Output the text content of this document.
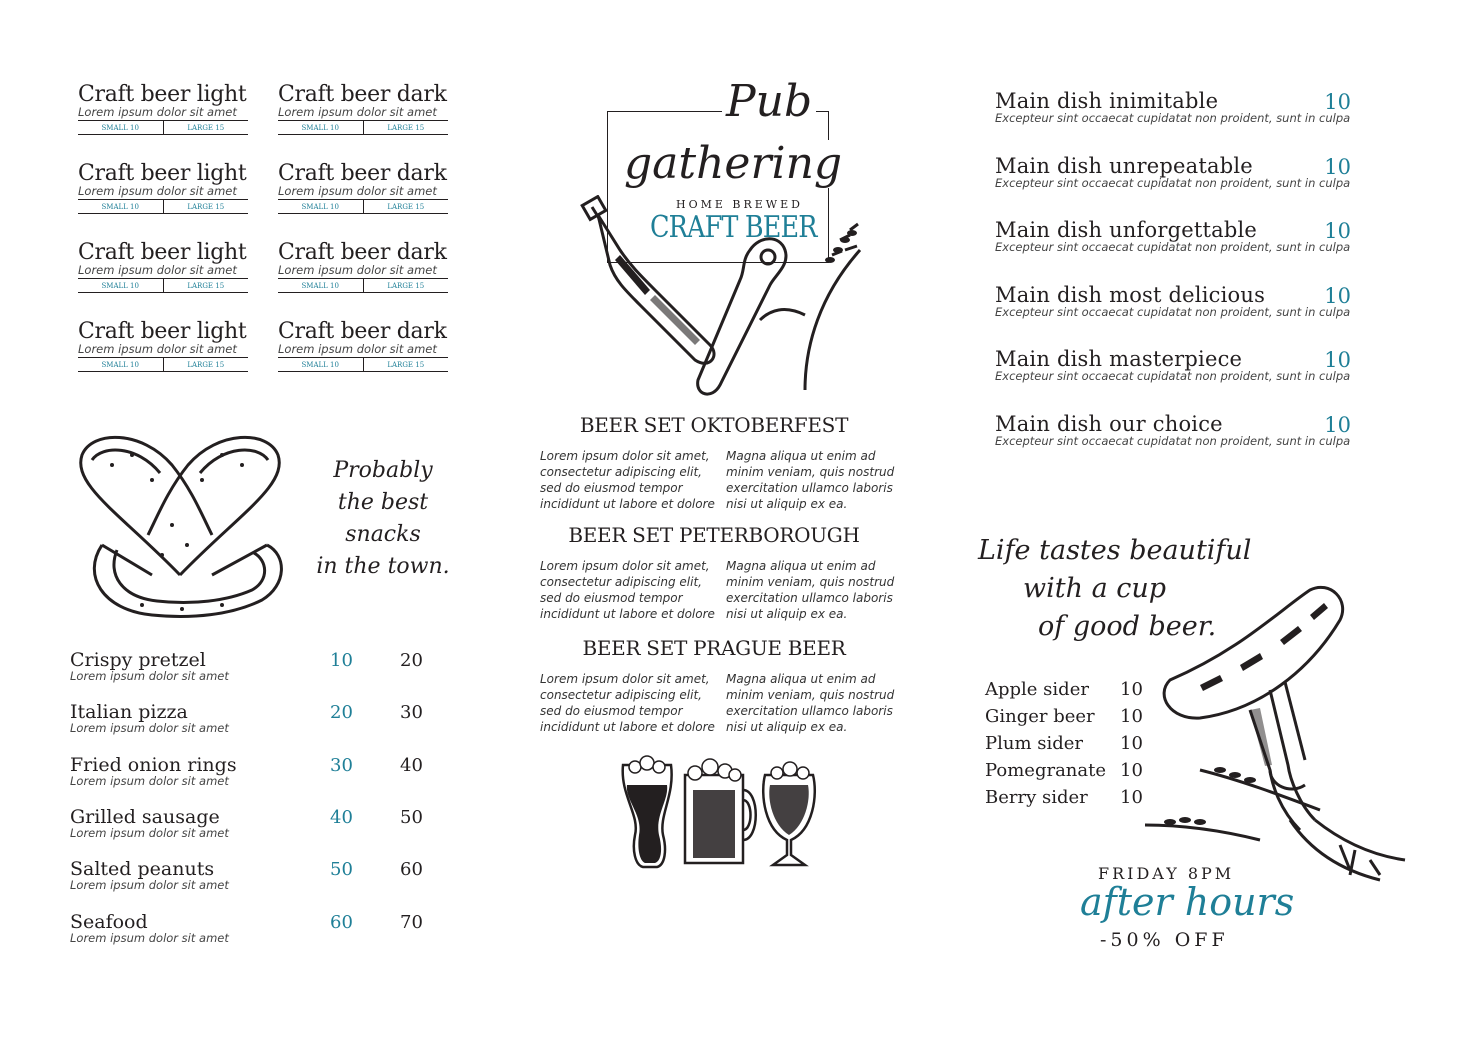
Craft beer light
Lorem ipsum dolor sit amet
SMALL 10	LARGE 15
Craft beer dark
Lorem ipsum dolor sit amet
SMALL 10	LARGE 15
Craft beer light
Lorem ipsum dolor sit amet
SMALL 10	LARGE 15
Craft beer dark
Lorem ipsum dolor sit amet
SMALL 10	LARGE 15
Craft beer light
Lorem ipsum dolor sit amet
SMALL 10	LARGE 15
Craft beer dark
Lorem ipsum dolor sit amet
SMALL 10	LARGE 15
Craft beer light
Lorem ipsum dolor sit amet
SMALL 10	LARGE 15
Craft beer dark
Lorem ipsum dolor sit amet
SMALL 10	LARGE 15
Probably
the best snacks
in the town.
Crispy pretzel
Lorem ipsum dolor sit amet
10	20
Italian pizza
Lorem ipsum dolor sit amet
20	30
Fried onion rings
Lorem ipsum dolor sit amet
30	40
Grilled sausage
Lorem ipsum dolor sit amet
40	50
Salted peanuts
Lorem ipsum dolor sit amet
50	60
Seafood
Lorem ipsum dolor sit amet
60	70
Pub
gathering
HOME BREWED
CRAFT BEER
BEER SET OKTOBERFEST
Lorem ipsum dolor sit amet,
consectetur adipiscing elit,
sed do eiusmod tempor
incididunt ut labore et dolore
Magna aliqua ut enim ad
minim veniam, quis nostrud
exercitation ullamco laboris
nisi ut aliquip ex ea.
BEER SET PETERBOROUGH
Lorem ipsum dolor sit amet,
consectetur adipiscing elit,
sed do eiusmod tempor
incididunt ut labore et dolore
Magna aliqua ut enim ad
minim veniam, quis nostrud
exercitation ullamco laboris
nisi ut aliquip ex ea.
BEER SET PRAGUE BEER
Lorem ipsum dolor sit amet,
consectetur adipiscing elit,
sed do eiusmod tempor
incididunt ut labore et dolore
Magna aliqua ut enim ad
minim veniam, quis nostrud
exercitation ullamco laboris
nisi ut aliquip ex ea.
Main dish inimitable	10
Excepteur sint occaecat cupidatat non proident, sunt in culpa
Main dish unrepeatable	10
Excepteur sint occaecat cupidatat non proident, sunt in culpa
Main dish unforgettable	10
Excepteur sint occaecat cupidatat non proident, sunt in culpa
Main dish most delicious	10
Excepteur sint occaecat cupidatat non proident, sunt in culpa
Main dish masterpiece	10
Excepteur sint occaecat cupidatat non proident, sunt in culpa
Main dish our choice	10
Excepteur sint occaecat cupidatat non proident, sunt in culpa
Life tastes beautiful
with a cup
of good beer.
Apple sider 10
Ginger beer 10
Plum sider 10
Pomegranate 10
Berry sider 10
FRIDAY 8PM
after hours
-50% OFF
